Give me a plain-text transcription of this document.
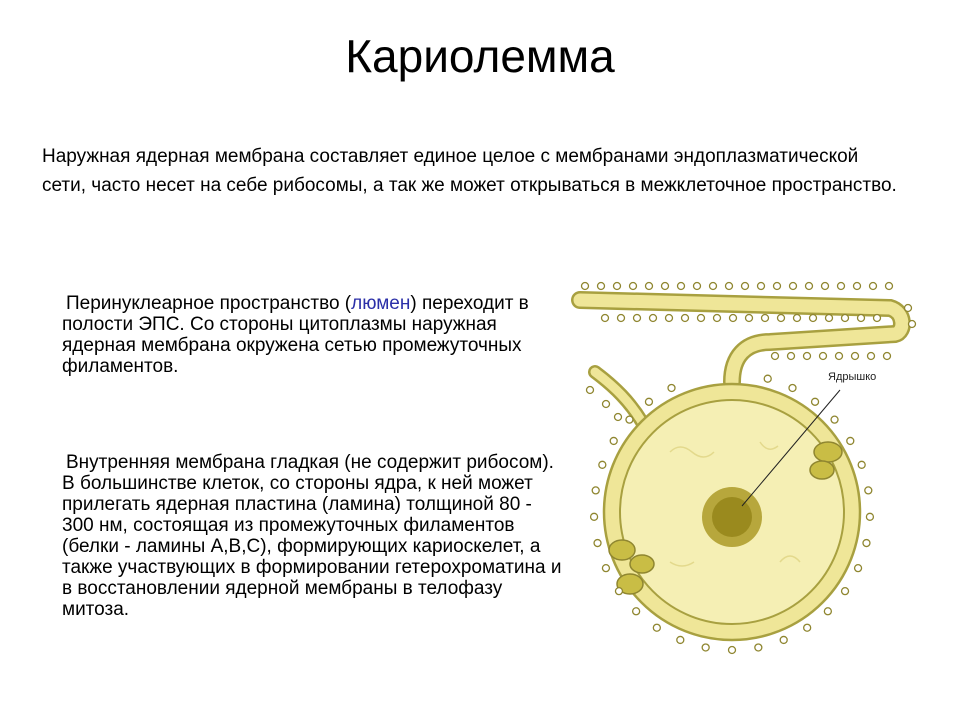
Кариолемма
Наружная ядерная мембрана составляет единое целое с мембранами эндоплазматической сети, часто несет на себе рибосомы, а так же может открываться в межклеточное пространство.
Перинуклеарное пространство (люмен) переходит в полости ЭПС. Со стороны цитоплазмы наружная ядерная мембрана окружена сетью промежуточных филаментов.
Внутренняя мембрана гладкая (не содержит рибосом). В большинстве клеток, со стороны ядра, к ней может прилегать ядерная пластина (ламина) толщиной 80 - 300 нм, состоящая из промежуточных филаментов (белки - ламины А,В,С), формирующих кариоскелет, а также участвующих в формировании гетерохроматина и в восстановлении ядерной мембраны в телофазу митоза.
Ядрышко
